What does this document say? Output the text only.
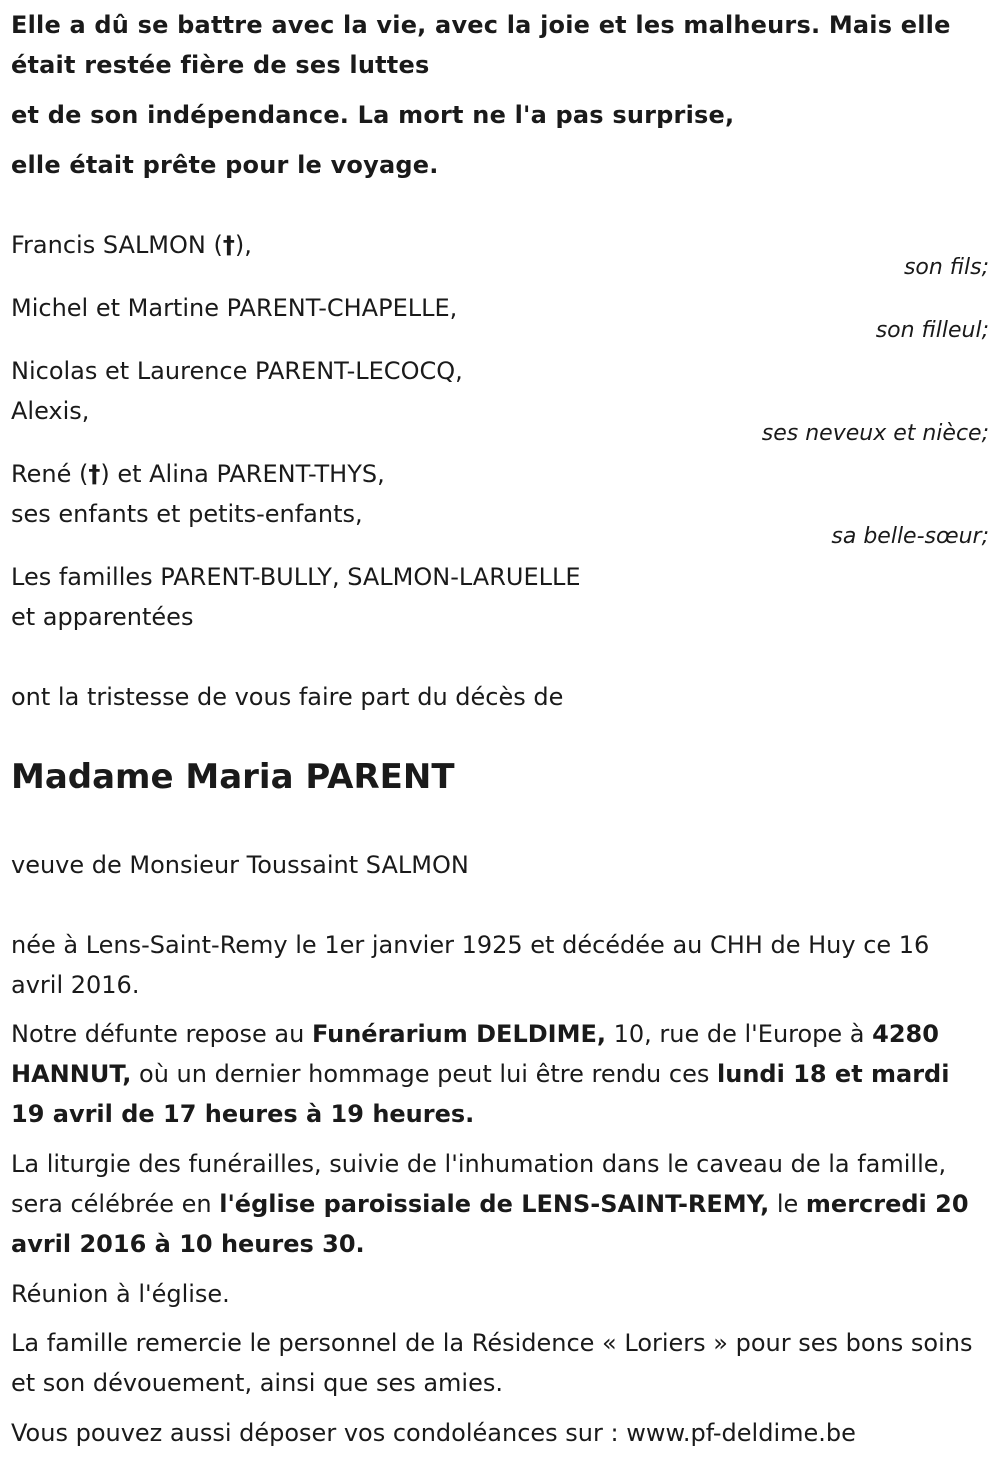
Elle a dû se battre avec la vie, avec la joie et les malheurs. Mais elle était restée fière de ses luttes
et de son indépendance. La mort ne l'a pas surprise,
elle était prête pour le voyage.
Francis SALMON (†),
son fils;
Michel et Martine PARENT-CHAPELLE,
son filleul;
Nicolas et Laurence PARENT-LECOCQ,
Alexis,
ses neveux et nièce;
René (†) et Alina PARENT-THYS,
ses enfants et petits-enfants,
sa belle-sœur;
Les familles PARENT-BULLY, SALMON-LARUELLE
et apparentées
ont la tristesse de vous faire part du décès de
Madame Maria PARENT
veuve de Monsieur Toussaint SALMON

née à Lens-Saint-Remy le 1er janvier 1925 et décédée au CHH de Huy ce 16 avril 2016.

Notre défunte repose au Funérarium DELDIME, 10, rue de l'Europe à 4280 HANNUT, où un dernier hommage peut lui être rendu ces lundi 18 et mardi 19 avril de 17 heures à 19 heures.

La liturgie des funérailles, suivie de l'inhumation dans le caveau de la famille, sera célébrée en l'église paroissiale de LENS-SAINT-REMY, le mercredi 20 avril 2016 à 10 heures 30.

Réunion à l'église.

La famille remercie le personnel de la Résidence « Loriers » pour ses bons soins et son dévouement, ainsi que ses amies.

Vous pouvez aussi déposer vos condoléances sur : www.pf-deldime.be
